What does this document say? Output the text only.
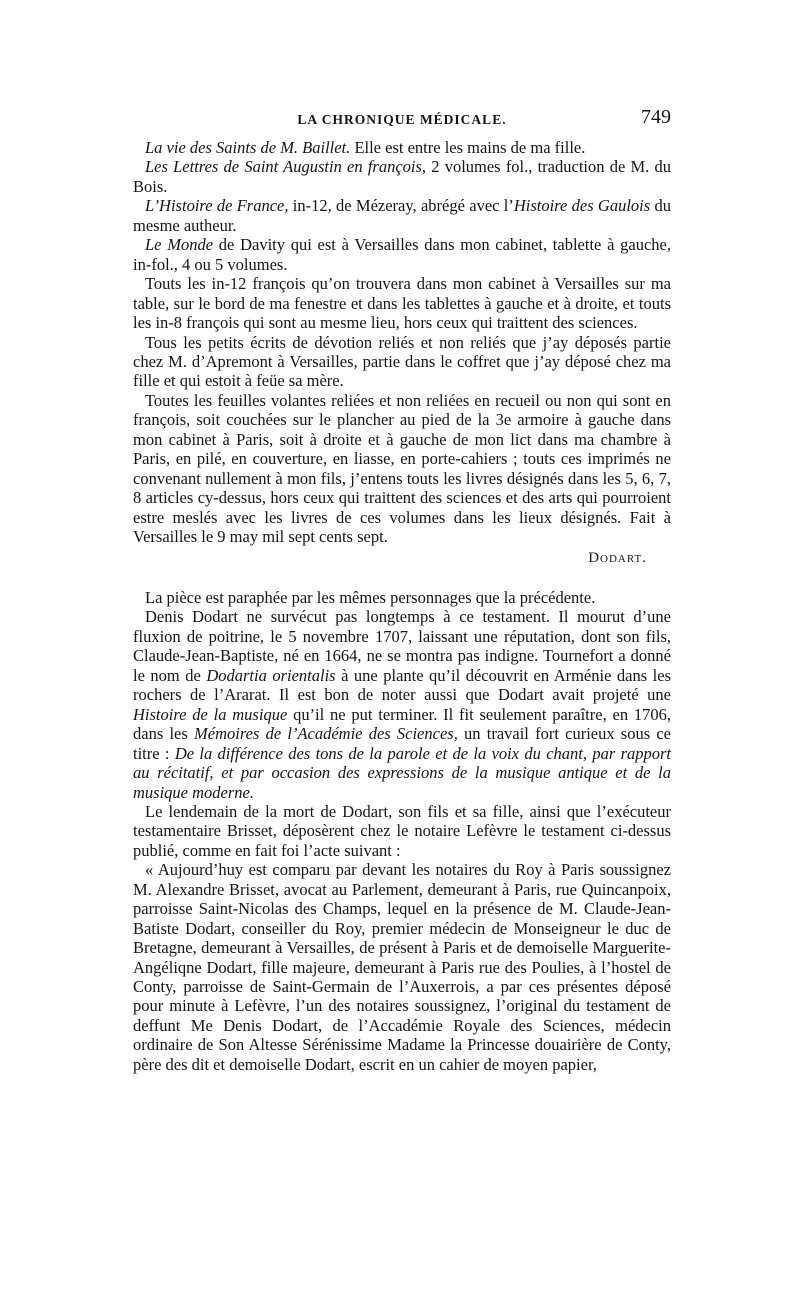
LA CHRONIQUE MÉDICALE.	749

La vie des Saints de M. Baillet. Elle est entre les mains de ma fille.

Les Lettres de Saint Augustin en françois, 2 volumes fol., traduction de M. du Bois.

L’Histoire de France, in-12, de Mézeray, abrégé avec l’Histoire des Gaulois du mesme autheur.

Le Monde de Davity qui est à Versailles dans mon cabinet, tablette à gauche, in-fol., 4 ou 5 volumes.

Touts les in-12 françois qu’on trouvera dans mon cabinet à Versailles sur ma table, sur le bord de ma fenestre et dans les tablettes à gauche et à droite, et touts les in-8 françois qui sont au mesme lieu, hors ceux qui traittent des sciences.

Tous les petits écrits de dévotion reliés et non reliés que j’ay déposés partie chez M. d’Apremont à Versailles, partie dans le coffret que j’ay déposé chez ma fille et qui estoit à feüe sa mère.

Toutes les feuilles volantes reliées et non reliées en recueil ou non qui sont en françois, soit couchées sur le plancher au pied de la 3e armoire à gauche dans mon cabinet à Paris, soit à droite et à gauche de mon lict dans ma chambre à Paris, en pilé, en couverture, en liasse, en porte-cahiers ; touts ces imprimés ne convenant nullement à mon fils, j’entens touts les livres désignés dans les 5, 6, 7, 8 articles cy-dessus, hors ceux qui traittent des sciences et des arts qui pourroient estre meslés avec les livres de ces volumes dans les lieux désignés. Fait à Versailles le 9 may mil sept cents sept.

Dodart.

La pièce est paraphée par les mêmes personnages que la précédente.

Denis Dodart ne survécut pas longtemps à ce testament. Il mourut d’une fluxion de poitrine, le 5 novembre 1707, laissant une réputation, dont son fils, Claude-Jean-Baptiste, né en 1664, ne se montra pas indigne. Tournefort a donné le nom de Dodartia orientalis à une plante qu’il découvrit en Arménie dans les rochers de l’Ararat. Il est bon de noter aussi que Dodart avait projeté une Histoire de la musique qu’il ne put terminer. Il fit seulement paraître, en 1706, dans les Mémoires de l’Académie des Sciences, un travail fort curieux sous ce titre : De la différence des tons de la parole et de la voix du chant, par rapport au récitatif, et par occasion des expressions de la musique antique et de la musique moderne.

Le lendemain de la mort de Dodart, son fils et sa fille, ainsi que l’exécuteur testamentaire Brisset, déposèrent chez le notaire Lefèvre le testament ci-dessus publié, comme en fait foi l’acte suivant :

« Aujourd’huy est comparu par devant les notaires du Roy à Paris soussignez M. Alexandre Brisset, avocat au Parlement, demeurant à Paris, rue Quincanpoix, parroisse Saint-Nicolas des Champs, lequel en la présence de M. Claude-Jean-Batiste Dodart, conseiller du Roy, premier médecin de Monseigneur le duc de Bretagne, demeurant à Versailles, de présent à Paris et de demoiselle Marguerite-Angéliqne Dodart, fille majeure, demeurant à Paris rue des Poulies, à l’hostel de Conty, parroisse de Saint-Germain de l’Auxerrois, a par ces présentes déposé pour minute à Lefèvre, l’un des notaires soussignez, l’original du testament de deffunt Me Denis Dodart, de l’Accadémie Royale des Sciences, médecin ordinaire de Son Altesse Sérénissime Madame la Princesse douairière de Conty, père des dit et demoiselle Dodart, escrit en un cahier de moyen papier,
